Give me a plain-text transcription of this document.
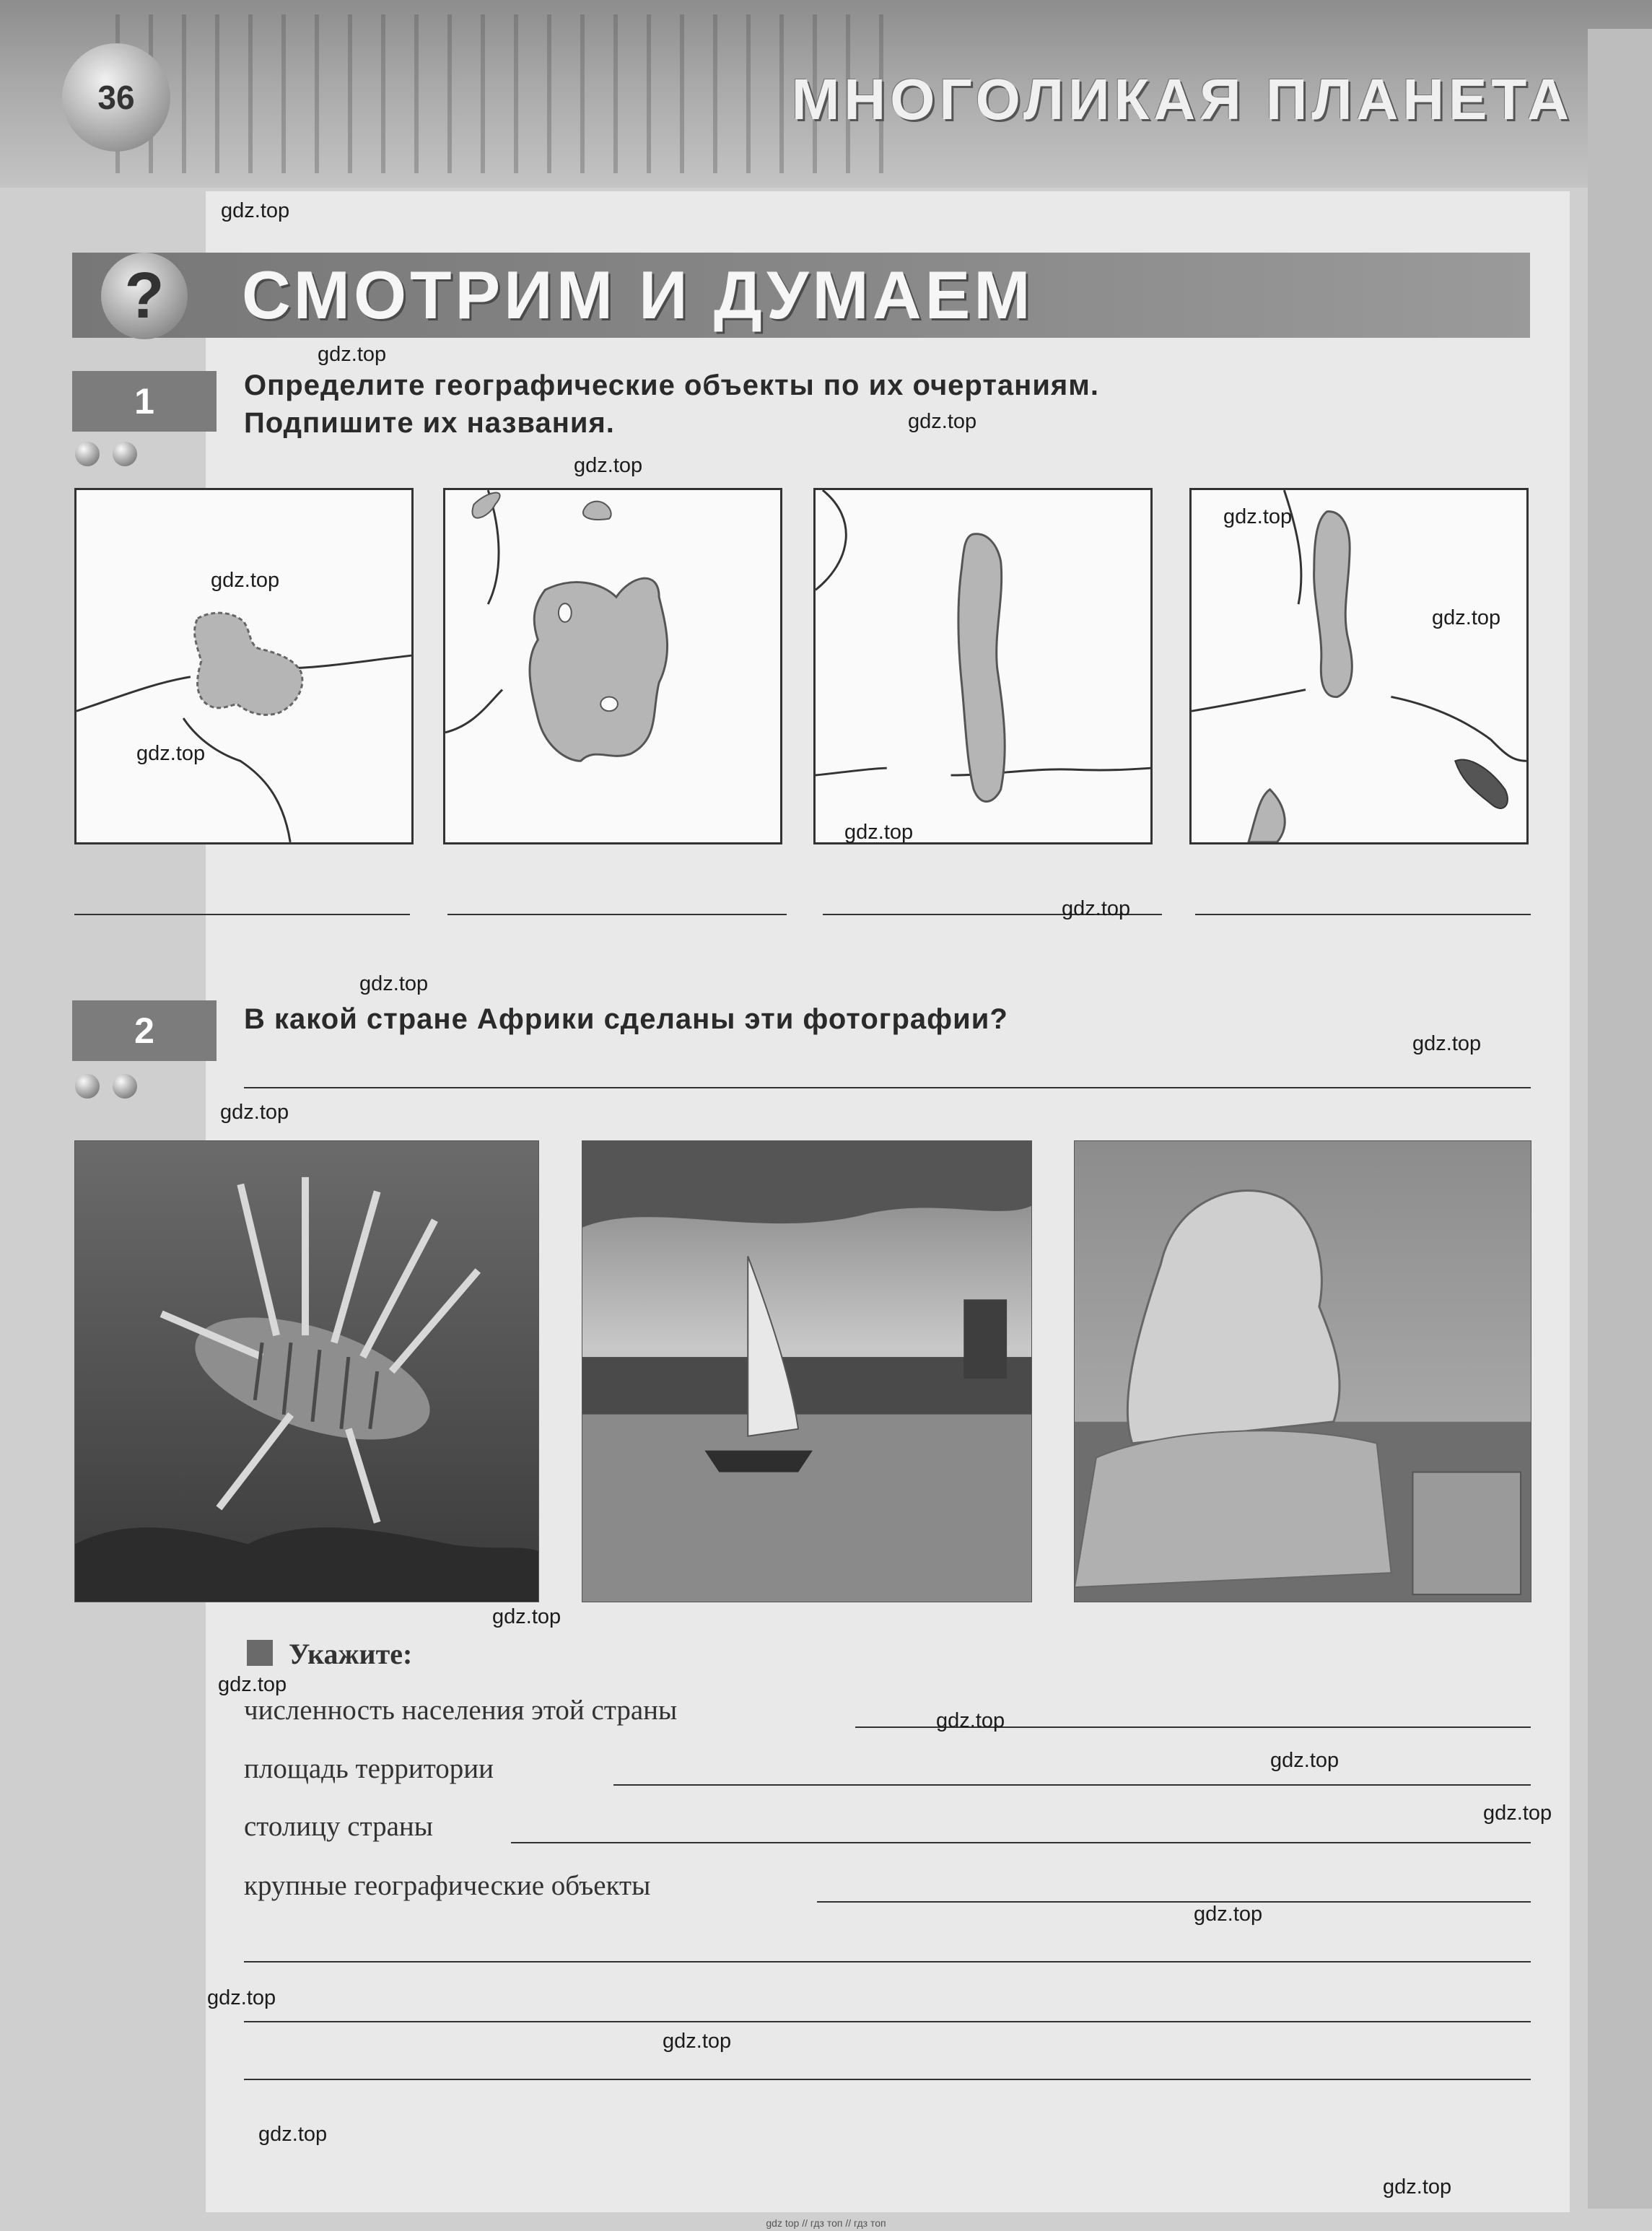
36	МНОГОЛИКАЯ ПЛАНЕТА
?	СМОТРИМ И ДУМАЕМ
1	Определите географические объекты по их очертаниям.
Подпишите их названия.
2	В какой стране Африки сделаны эти фотографии?
Укажите:
численность населения этой страны
площадь территории
столицу страны
крупные географические объекты
gdz.top
gdz.top
gdz.top
gdz.top
gdz.top
gdz.top
gdz.top
gdz.top
gdz.top
gdz.top
gdz.top
gdz.top
gdz.top
gdz.top
gdz.top
gdz.top
gdz.top
gdz.top
gdz.top
gdz.top
gdz.top
gdz.top
gdz.top
gdz top // гдз топ // гдз топ
